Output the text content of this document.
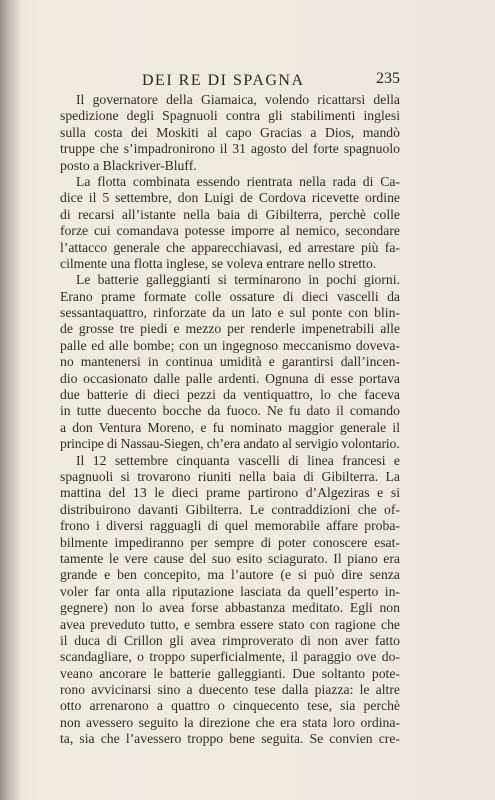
DEI RE DI SPAGNA	235
Il governatore della Giamaica, volendo ricattarsi della
spedizione degli Spagnuoli contra gli stabilimenti inglesi
sulla costa dei Moskiti al capo Gracias a Dios, mandò
truppe che s’impadronirono il 31 agosto del forte spagnuolo
posto a Blackriver-Bluff.
La flotta combinata essendo rientrata nella rada di Ca-
dice il 5 settembre, don Luigi de Cordova ricevette ordine
di recarsi all’istante nella baia di Gibilterra, perchè colle
forze cui comandava potesse imporre al nemico, secondare
l’attacco generale che apparecchiavasi, ed arrestare più fa-
cilmente una flotta inglese, se voleva entrare nello stretto.
Le batterie galleggianti si terminarono in pochi giorni.
Erano prame formate colle ossature di dieci vascelli da
sessantaquattro, rinforzate da un lato e sul ponte con blin-
de grosse tre piedi e mezzo per renderle impenetrabili alle
palle ed alle bombe; con un ingegnoso meccanismo doveva-
no mantenersi in continua umidità e garantirsi dall’incen-
dio occasionato dalle palle ardenti. Ognuna di esse portava
due batterie di dieci pezzi da ventiquattro, lo che faceva
in tutte duecento bocche da fuoco. Ne fu dato il comando
a don Ventura Moreno, e fu nominato maggior generale il
principe di Nassau-Siegen, ch’era andato al servigio volontario.
Il 12 settembre cinquanta vascelli di linea francesi e
spagnuoli si trovarono riuniti nella baia di Gibilterra. La
mattina del 13 le dieci prame partirono d’Algeziras e si
distribuirono davanti Gibilterra. Le contraddizioni che of-
frono i diversi ragguagli di quel memorabile affare proba-
bilmente impediranno per sempre di poter conoscere esat-
tamente le vere cause del suo esito sciagurato. Il piano era
grande e ben concepito, ma l’autore (e si può dire senza
voler far onta alla riputazione lasciata da quell’esperto in-
gegnere) non lo avea forse abbastanza meditato. Egli non
avea preveduto tutto, e sembra essere stato con ragione che
il duca di Crillon gli avea rimproverato di non aver fatto
scandagliare, o troppo superficialmente, il paraggio ove do-
veano ancorare le batterie galleggianti. Due soltanto pote-
rono avvicinarsi sino a duecento tese dalla piazza: le altre
otto arrenarono a quattro o cinquecento tese, sia perchè
non avessero seguito la direzione che era stata loro ordina-
ta, sia che l’avessero troppo bene seguita. Se convien cre-
